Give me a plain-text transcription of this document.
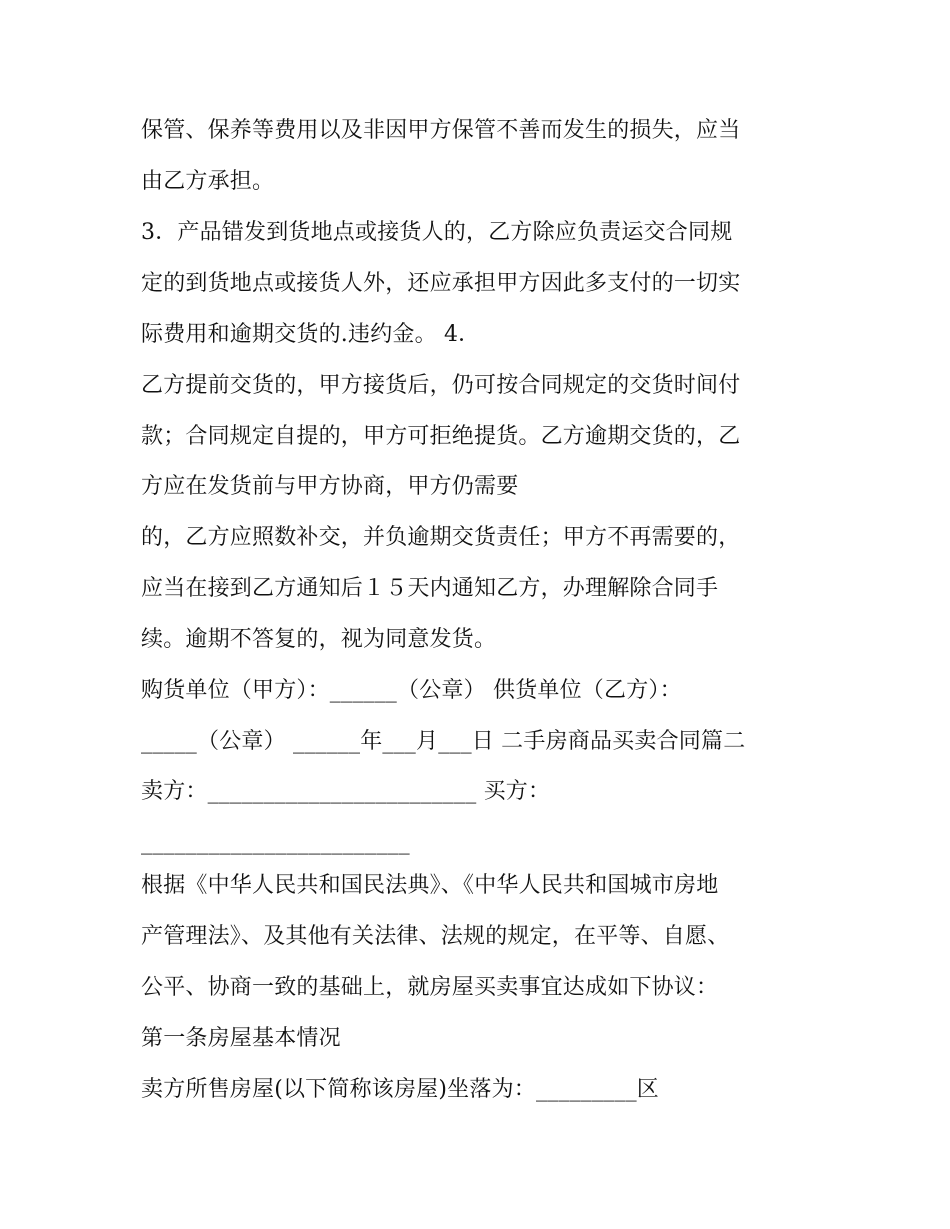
保管、保养等费用以及非因甲方保管不善而发生的损失，应当
由乙方承担。
3．产品错发到货地点或接货人的，乙方除应负责运交合同规
定的到货地点或接货人外，还应承担甲方因此多支付的一切实
际费用和逾期交货的.违约金。 4．
乙方提前交货的，甲方接货后，仍可按合同规定的交货时间付
款；合同规定自提的，甲方可拒绝提货。乙方逾期交货的，乙
方应在发货前与甲方协商，甲方仍需要
的，乙方应照数补交，并负逾期交货责任；甲方不再需要的，
应当在接到乙方通知后１５天内通知乙方，办理解除合同手
续。逾期不答复的，视为同意发货。
购货单位（甲方）：______（公章） 供货单位（乙方）：
_____（公章） ______年___月___日 二手房商品买卖合同篇二
卖方：________________________ 买方：
________________________
根据《中华人民共和国民法典》、《中华人民共和国城市房地
产管理法》、及其他有关法律、法规的规定，在平等、自愿、
公平、协商一致的基础上，就房屋买卖事宜达成如下协议：
第一条房屋基本情况
卖方所售房屋(以下简称该房屋)坐落为：_________区
